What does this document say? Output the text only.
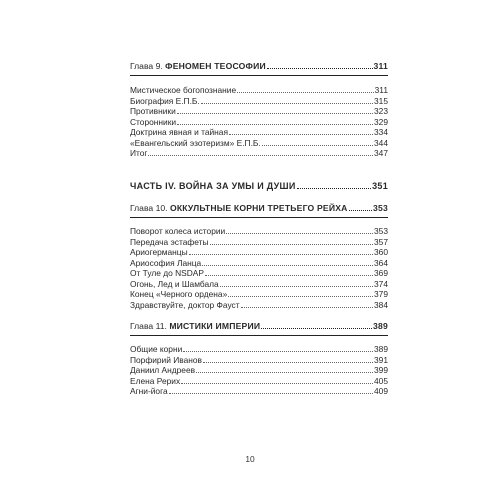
Глава 9. ФЕНОМЕН ТЕОСОФИИ	311
Мистическое богопознание	311
Биография Е.П.Б.	315
Противники	323
Сторонники	329
Доктрина явная и тайная	334
«Евангельский эзотеризм» Е.П.Б.	344
Итог	347
ЧАСТЬ IV. ВОЙНА ЗА УМЫ И ДУШИ	351
Глава 10. ОККУЛЬТНЫЕ КОРНИ ТРЕТЬЕГО РЕЙХА	353
Поворот колеса истории	353
Передача эстафеты	357
Ариогерманцы	360
Ариософия Ланца	364
От Туле до NSDAP	369
Огонь, Лед и Шамбала	374
Конец «Черного ордена»	379
Здравствуйте, доктор Фауст	384
Глава 11. МИСТИКИ ИМПЕРИИ	389
Общие корни	389
Порфирий Иванов	391
Даниил Андреев	399
Елена Рерих	405
Агни-йога	409
10
